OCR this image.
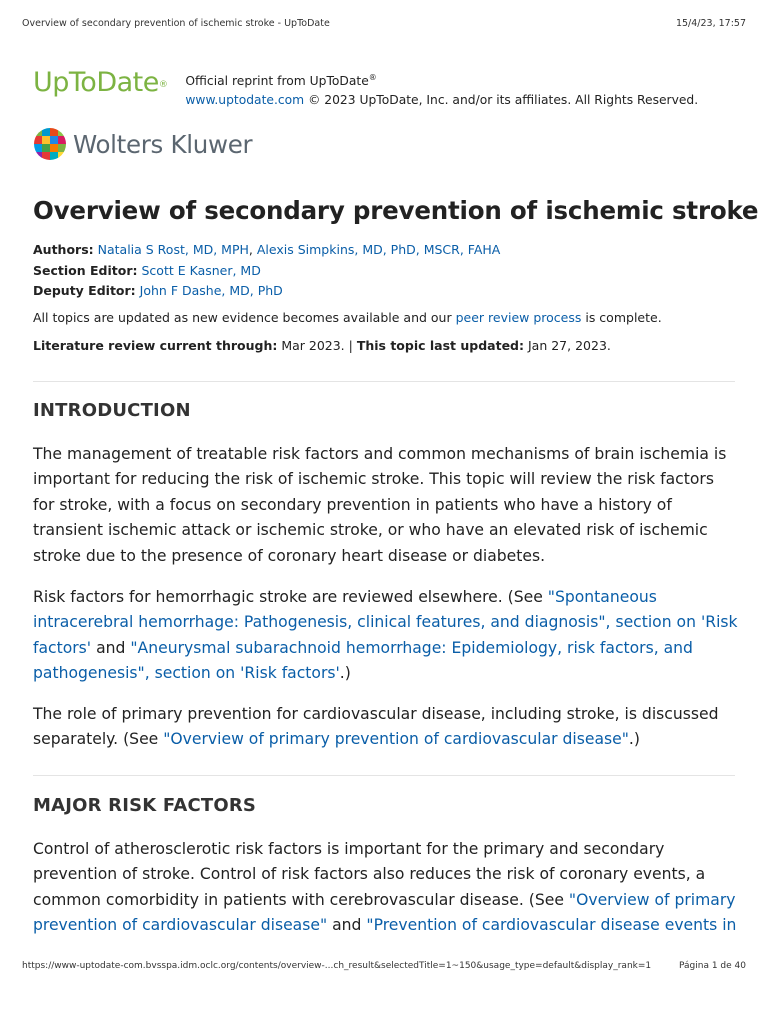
Overview of secondary prevention of ischemic stroke - UpToDate	15/4/23, 17:57
UpToDate® Official reprint from UpToDate®
www.uptodate.com © 2023 UpToDate, Inc. and/or its affiliates. All Rights Reserved.
Wolters Kluwer
Overview of secondary prevention of ischemic stroke
Authors: Natalia S Rost, MD, MPH, Alexis Simpkins, MD, PhD, MSCR, FAHA
Section Editor: Scott E Kasner, MD
Deputy Editor: John F Dashe, MD, PhD
All topics are updated as new evidence becomes available and our peer review process is complete.
Literature review current through: Mar 2023. | This topic last updated: Jan 27, 2023.
INTRODUCTION

The management of treatable risk factors and common mechanisms of brain ischemia is important for reducing the risk of ischemic stroke. This topic will review the risk factors for stroke, with a focus on secondary prevention in patients who have a history of transient ischemic attack or ischemic stroke, or who have an elevated risk of ischemic stroke due to the presence of coronary heart disease or diabetes.

Risk factors for hemorrhagic stroke are reviewed elsewhere. (See "Spontaneous intracerebral hemorrhage: Pathogenesis, clinical features, and diagnosis", section on 'Risk factors' and "Aneurysmal subarachnoid hemorrhage: Epidemiology, risk factors, and pathogenesis", section on 'Risk factors'.)

The role of primary prevention for cardiovascular disease, including stroke, is discussed separately. (See "Overview of primary prevention of cardiovascular disease".)

MAJOR RISK FACTORS

Control of atherosclerotic risk factors is important for the primary and secondary prevention of stroke. Control of risk factors also reduces the risk of coronary events, a common comorbidity in patients with cerebrovascular disease. (See "Overview of primary prevention of cardiovascular disease" and "Prevention of cardiovascular disease events in

https://www-uptodate-com.bvsspa.idm.oclc.org/contents/overview-...ch_result&selectedTitle=1~150&usage_type=default&display_rank=1	Página 1 de 40
